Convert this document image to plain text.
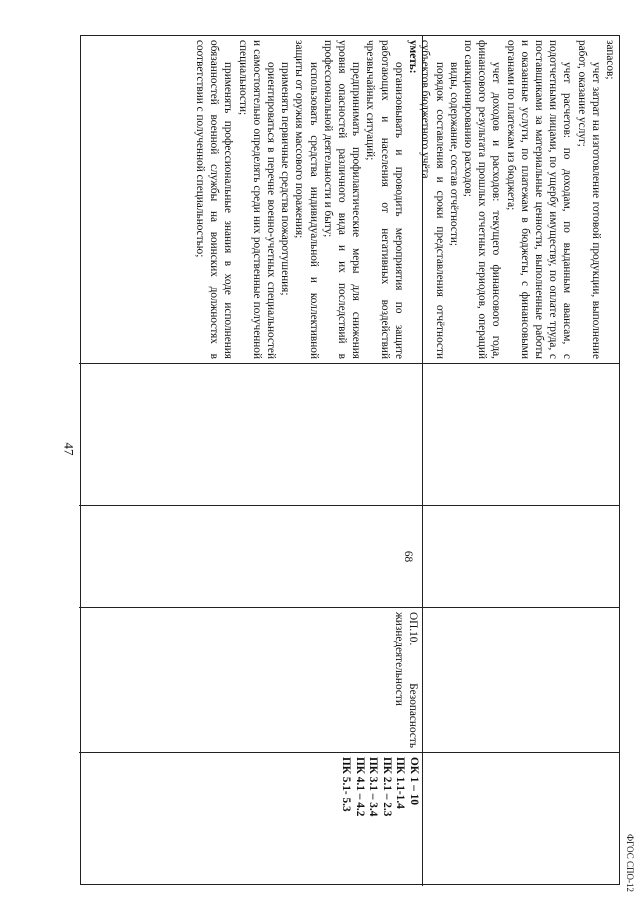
47
ФГОС СПО-12

запасов;

учет затрат на изготовление готовой продукции, выполнение работ, оказание услуг;

учет расчетов: по доходам, по выданным авансам, с подотчетными лицами, по ущербу имуществу, по оплате труда, с поставщиками за материальные ценности, выполненные работы и оказанные услуги, по платежам в бюджеты, с финансовыми органами по платежам из бюджета;

учет доходов и расходов: текущего финансового года, финансового результата прошлых отчетных периодов, операций по санкционированию расходов;

виды, содержание, состав отчётности;

порядок составления и сроки представления отчётности субъектов бюджетного учёта

уметь:

организовывать и проводить мероприятия по защите работающих и населения от негативных воздействий чрезвычайных ситуаций;

предпринимать профилактические меры для снижения уровня опасностей различного вида и их последствий в профессиональной деятельности и быту;

использовать средства индивидуальной и коллективной защиты от оружия массового поражения;

применять первичные средства пожаротушения;

ориентироваться в перечне военно-учетных специальностей и самостоятельно определять среди них родственные полученной специальности;

применять профессиональные знания в ходе исполнения обязанностей военной службы на воинских должностях в соответствии с полученной специальностью;

68
ОП.10.
Безопасность
жизнедеятельности
ОК 1 – 10
ПК 1.1-1.4
ПК 2.1 – 2.3
ПК 3.1 – 3.4
ПК 4.1 – 4.2
ПК 5.1- 5.3
